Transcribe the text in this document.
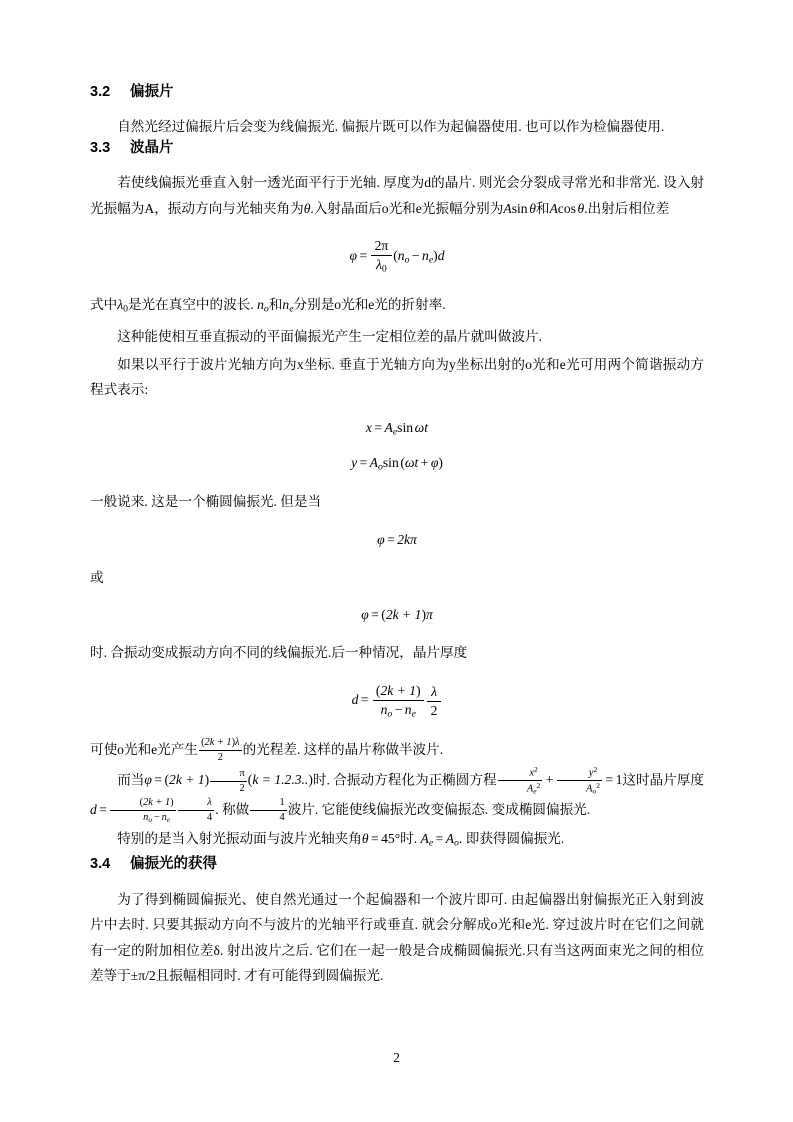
3.2 偏振片

自然光经过偏振片后会变为线偏振光. 偏振片既可以作为起偏器使用. 也可以作为检偏器使用.

3.3 波晶片

若使线偏振光垂直入射一透光面平行于光轴. 厚度为d的晶片. 则光会分裂成寻常光和非常光. 设入射光振幅为A，振动方向与光轴夹角为θ.入射晶面后o光和e光振幅分别为Asin θ和Acos θ.出射后相位差

$\varphi = \frac{2\pi}{\lambda_0} (n_o - n_e)d$

式中$\lambda_0$是光在真空中的波长. $n_o$和$n_e$分别是o光和e光的折射率.

这种能使相互垂直振动的平面偏振光产生一定相位差的晶片就叫做波片.

如果以平行于波片光轴方向为x坐标. 垂直于光轴方向为y坐标出射的o光和e光可用两个简谐振动方程式表示:

$x = A_e\sin$ ωt
$y = A_o\sin$ (ωt + φ)

一般说来. 这是一个椭圆偏振光. 但是当

φ = 2kπ

或

φ = (2k + 1)π

时. 合振动变成振动方向不同的线偏振光.后一种情况，晶片厚度

$d = \frac{(2k + 1)}{n_o - n_e} \frac{\lambda}{2}$

可使o光和e光产生 $\frac{(2k + 1)\lambda}{2}$ 的光程差. 这样的晶片称做半波片.

而当$\varphi = (2k + 1) \frac{\pi}{2} (k = 1.2.3..)$时. 合振动方程化为正椭圆方程 $\frac{x^2}{A_e^2} + \frac{y^2}{A_o^2} = 1$这时晶片厚度$d = \frac{(2k + 1)}{n_o - n_e} \frac{\lambda}{4}$ . 称做 $\frac{1}{4}$ 波片. 它能使线偏振光改变偏振态. 变成椭圆偏振光.

特别的是当入射光振动面与波片光轴夹角θ = 45°时. $A_e = A_o$. 即获得圆偏振光.

3.4 偏振光的获得

为了得到椭圆偏振光、使自然光通过一个起偏器和一个波片即可. 由起偏器出射偏振光正入射到波片中去时. 只要其振动方向不与波片的光轴平行或垂直. 就会分解成o光和e光. 穿过波片时在它们之间就有一定的附加相位差δ. 射出波片之后. 它们在一起一般是合成椭圆偏振光.只有当这两面束光之间的相位差等于±π/2且振幅相同时. 才有可能得到圆偏振光.

2
